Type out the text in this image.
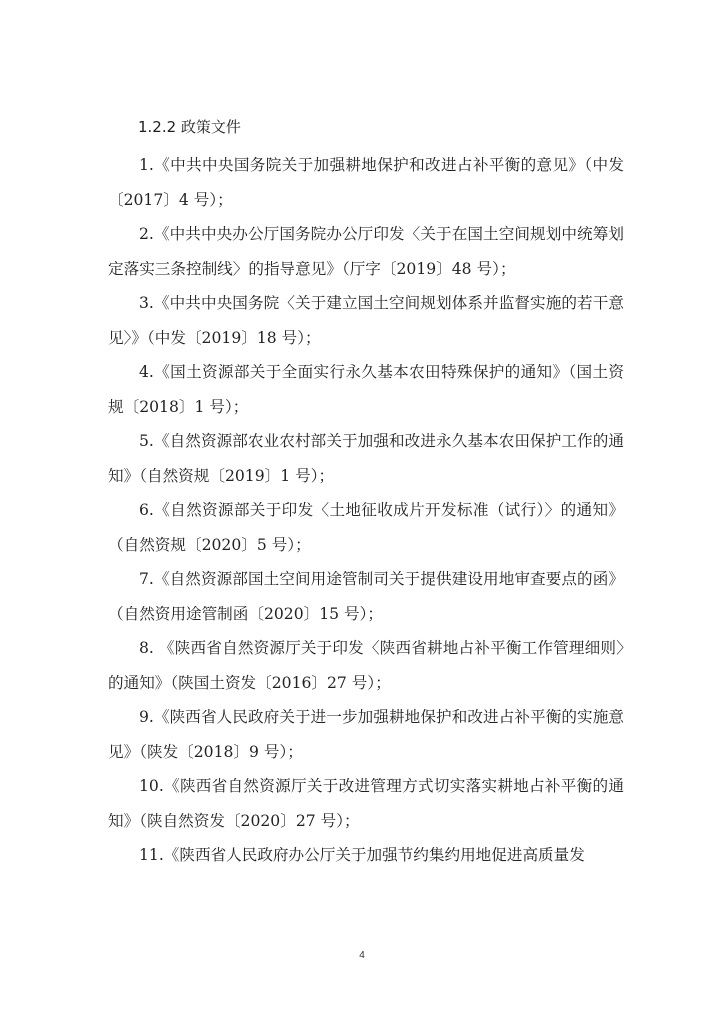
1.2.2 政策文件
1.《中共中央国务院关于加强耕地保护和改进占补平衡的意见》（中发〔2017〕4 号）；
2.《中共中央办公厅国务院办公厅印发〈关于在国土空间规划中统筹划定落实三条控制线〉的指导意见》（厅字〔2019〕48 号）；
3.《中共中央国务院〈关于建立国土空间规划体系并监督实施的若干意见〉》（中发〔2019〕18 号）；
4.《国土资源部关于全面实行永久基本农田特殊保护的通知》（国土资规〔2018〕1 号）；
5.《自然资源部农业农村部关于加强和改进永久基本农田保护工作的通知》（自然资规〔2019〕1 号）；
6.《自然资源部关于印发〈土地征收成片开发标准（试行）〉的通知》（自然资规〔2020〕5 号）；
7.《自然资源部国土空间用途管制司关于提供建设用地审查要点的函》（自然资用途管制函〔2020〕15 号）；
8. 《陕西省自然资源厅关于印发〈陕西省耕地占补平衡工作管理细则〉的通知》（陕国土资发〔2016〕27 号）；
9.《陕西省人民政府关于进一步加强耕地保护和改进占补平衡的实施意见》（陕发〔2018〕9 号）；
10.《陕西省自然资源厅关于改进管理方式切实落实耕地占补平衡的通知》（陕自然资发〔2020〕27 号）；
11.《陕西省人民政府办公厅关于加强节约集约用地促进高质量发
4
